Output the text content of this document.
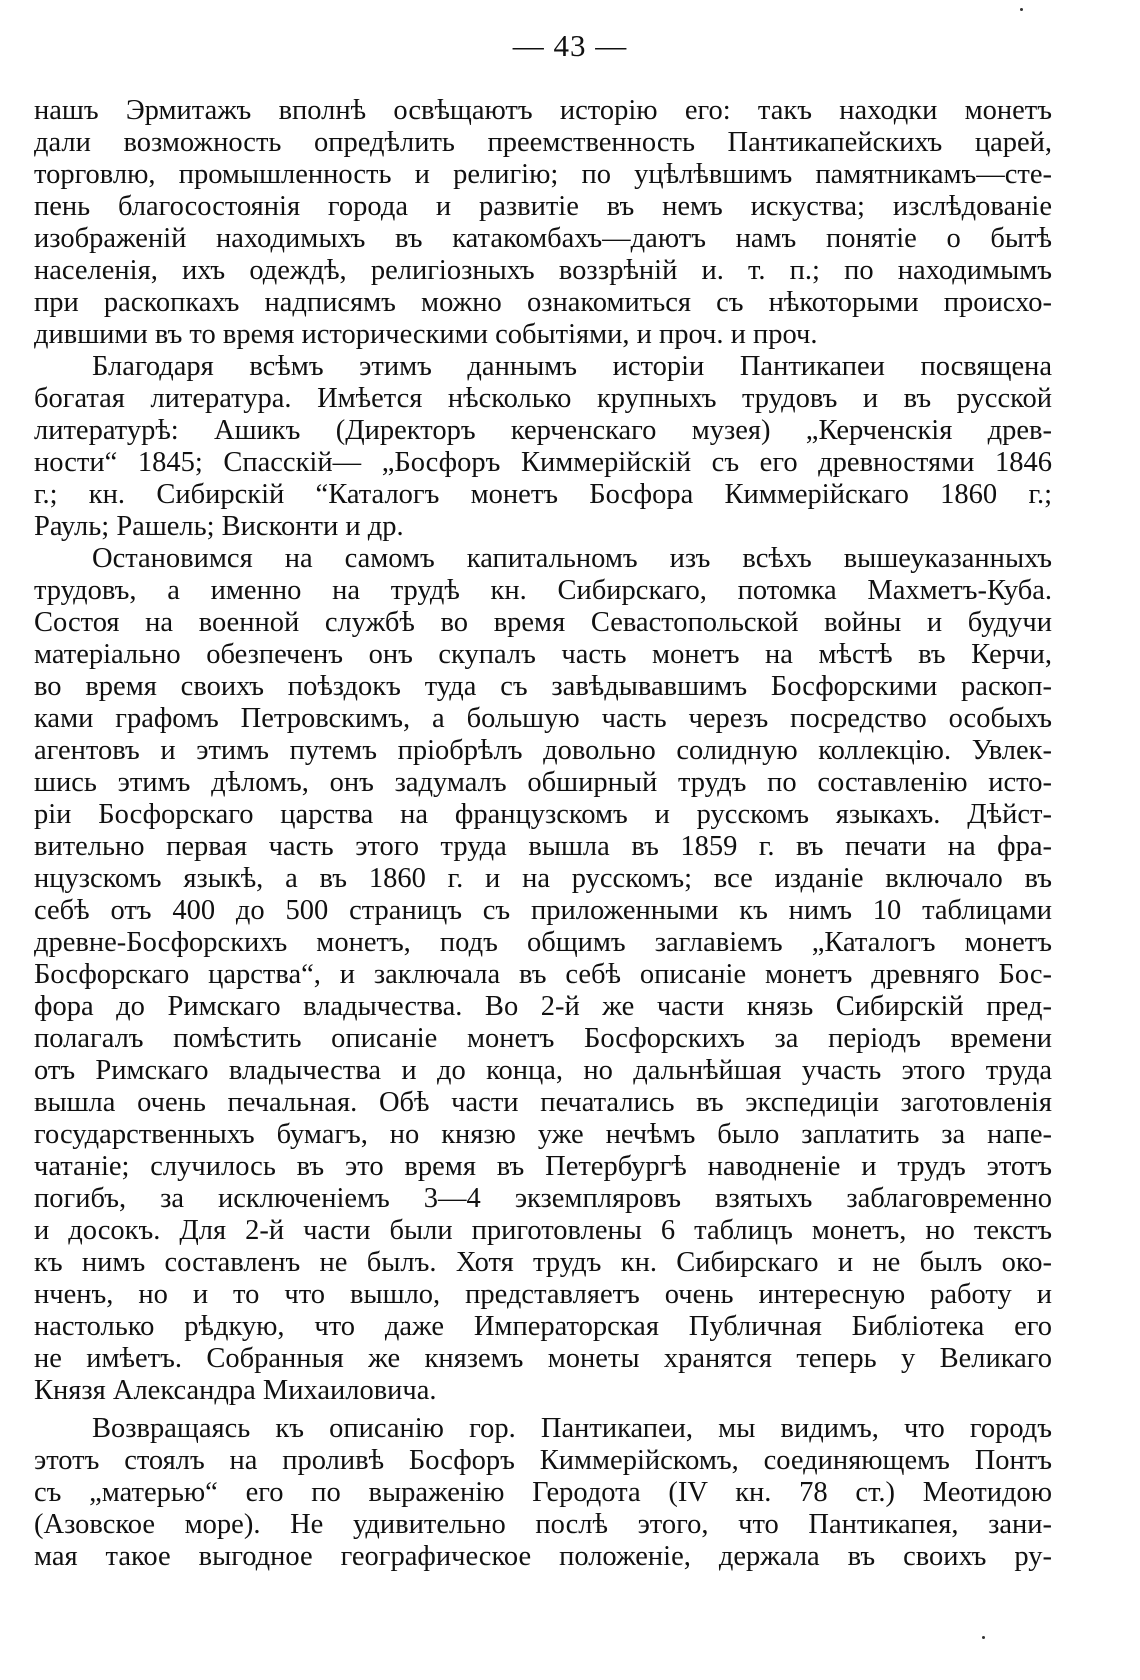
— 43 —
нашъ Эрмитажъ вполнѣ освѣщаютъ исторію его: такъ находки монетъ
дали возможность опредѣлить преемственность Пантикапейскихъ царей,
торговлю, промышленность и религію; по уцѣлѣвшимъ памятникамъ—сте-
пень благосостоянія города и развитіе въ немъ искуства; изслѣдованіе
изображеній находимыхъ въ катакомбахъ—даютъ намъ понятіе о бытѣ
населенія, ихъ одеждѣ, религіозныхъ воззрѣній и. т. п.; по находимымъ
при раскопкахъ надписямъ можно ознакомиться съ нѣкоторыми происхо-
дившими въ то время историческими событіями, и проч. и проч.
Благодаря всѣмъ этимъ даннымъ исторіи Пантикапеи посвящена
богатая литература. Имѣется нѣсколько крупныхъ трудовъ и въ русской
литературѣ: Ашикъ (Директоръ керченскаго музея) „Керченскія древ-
ности“ 1845; Спасскій— „Босфоръ Киммерійскій съ его древностями 1846
г.; кн. Сибирскій “Каталогъ монетъ Босфора Киммерійскаго 1860 г.;
Рауль; Рашель; Висконти и др.
Остановимся на самомъ капитальномъ изъ всѣхъ вышеуказанныхъ
трудовъ, а именно на трудѣ кн. Сибирскаго, потомка Махметъ-Куба.
Состоя на военной службѣ во время Севастопольской войны и будучи
матеріально обезпеченъ онъ скупалъ часть монетъ на мѣстѣ въ Керчи,
во время своихъ поѣздокъ туда съ завѣдывавшимъ Босфорскими раскоп-
ками графомъ Петровскимъ, а большую часть черезъ посредство особыхъ
агентовъ и этимъ путемъ пріобрѣлъ довольно солидную коллекцію. Увлек-
шись этимъ дѣломъ, онъ задумалъ обширный трудъ по составленію исто-
ріи Босфорскаго царства на французскомъ и русскомъ языкахъ. Дѣйст-
вительно первая часть этого труда вышла въ 1859 г. въ печати на фра-
нцузскомъ языкѣ, а въ 1860 г. и на русскомъ; все изданіе включало въ
себѣ отъ 400 до 500 страницъ съ приложенными къ нимъ 10 таблицами
древне-Босфорскихъ монетъ, подъ общимъ заглавіемъ „Каталогъ монетъ
Босфорскаго царства“, и заключала въ себѣ описаніе монетъ древняго Бос-
фора до Римскаго владычества. Во 2-й же части князь Сибирскій пред-
полагалъ помѣстить описаніе монетъ Босфорскихъ за періодъ времени
отъ Римскаго владычества и до конца, но дальнѣйшая участь этого труда
вышла очень печальная. Обѣ части печатались въ экспедиціи заготовленія
государственныхъ бумагъ, но князю уже нечѣмъ было заплатить за напе-
чатаніе; случилось въ это время въ Петербургѣ наводненіе и трудъ этотъ
погибъ, за исключеніемъ 3—4 экземпляровъ взятыхъ заблаговременно
и досокъ. Для 2-й части были приготовлены 6 таблицъ монетъ, но текстъ
къ нимъ составленъ не былъ. Хотя трудъ кн. Сибирскаго и не былъ око-
нченъ, но и то что вышло, представляетъ очень интересную работу и
настолько рѣдкую, что даже Императорская Публичная Библіотека его
не имѣетъ. Собранныя же княземъ монеты хранятся теперь у Великаго
Князя Александра Михаиловича.
Возвращаясь къ описанію гор. Пантикапеи, мы видимъ, что городъ
этотъ стоялъ на проливѣ Босфоръ Киммерійскомъ, соединяющемъ Понтъ
съ „матерью“ его по выраженію Геродота (IV кн. 78 ст.) Меотидою
(Азовское море). Не удивительно послѣ этого, что Пантикапея, зани-
мая такое выгодное географическое положеніе, держала въ своихъ ру-
